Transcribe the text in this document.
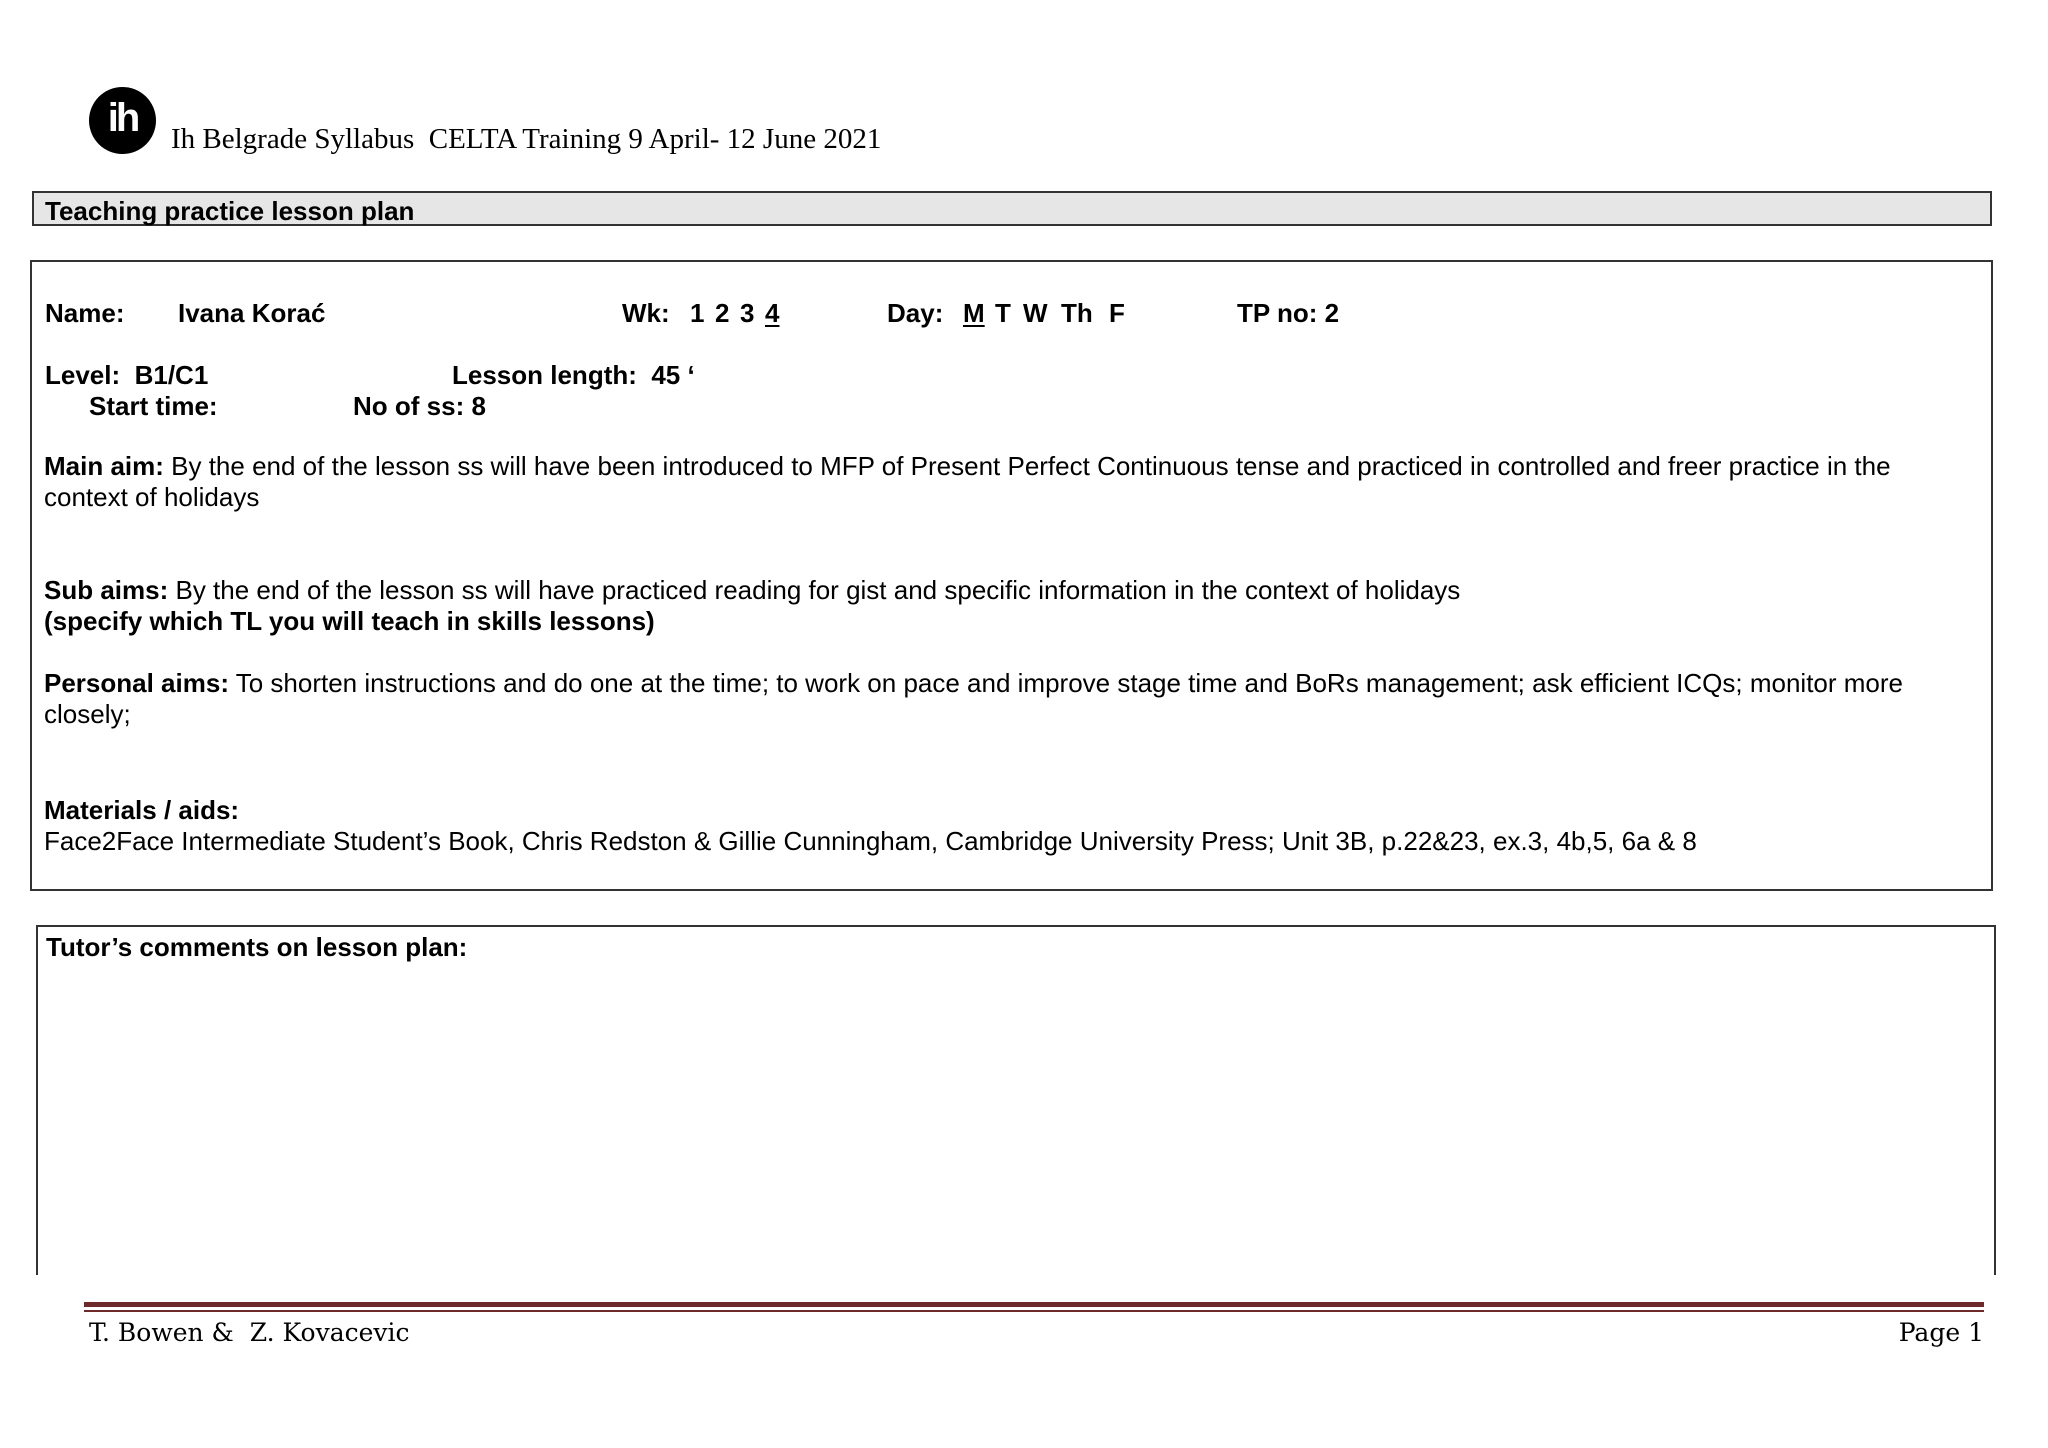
ih Ih Belgrade Syllabus  CELTA Training 9 April- 12 June 2021
Teaching practice lesson plan
Name: Ivana Korać	Wk: 1 2 3 4	Day: M T W Th F	TP no: 2
Level:  B1/C1	Lesson length:  45 ‘
Start time:	No of ss: 8
Main aim: By the end of the lesson ss will have been introduced to MFP of Present Perfect Continuous tense and practiced in controlled and freer practice in the context of holidays
Sub aims: By the end of the lesson ss will have practiced reading for gist and specific information in the context of holidays
(specify which TL you will teach in skills lessons)
Personal aims: To shorten instructions and do one at the time; to work on pace and improve stage time and BoRs management; ask efficient ICQs; monitor more closely;
Materials / aids:
Face2Face Intermediate Student’s Book, Chris Redston & Gillie Cunningham, Cambridge University Press; Unit 3B, p.22&23, ex.3, 4b,5, 6a & 8
Tutor’s comments on lesson plan:
T. Bowen &  Z. Kovacevic	Page 1
